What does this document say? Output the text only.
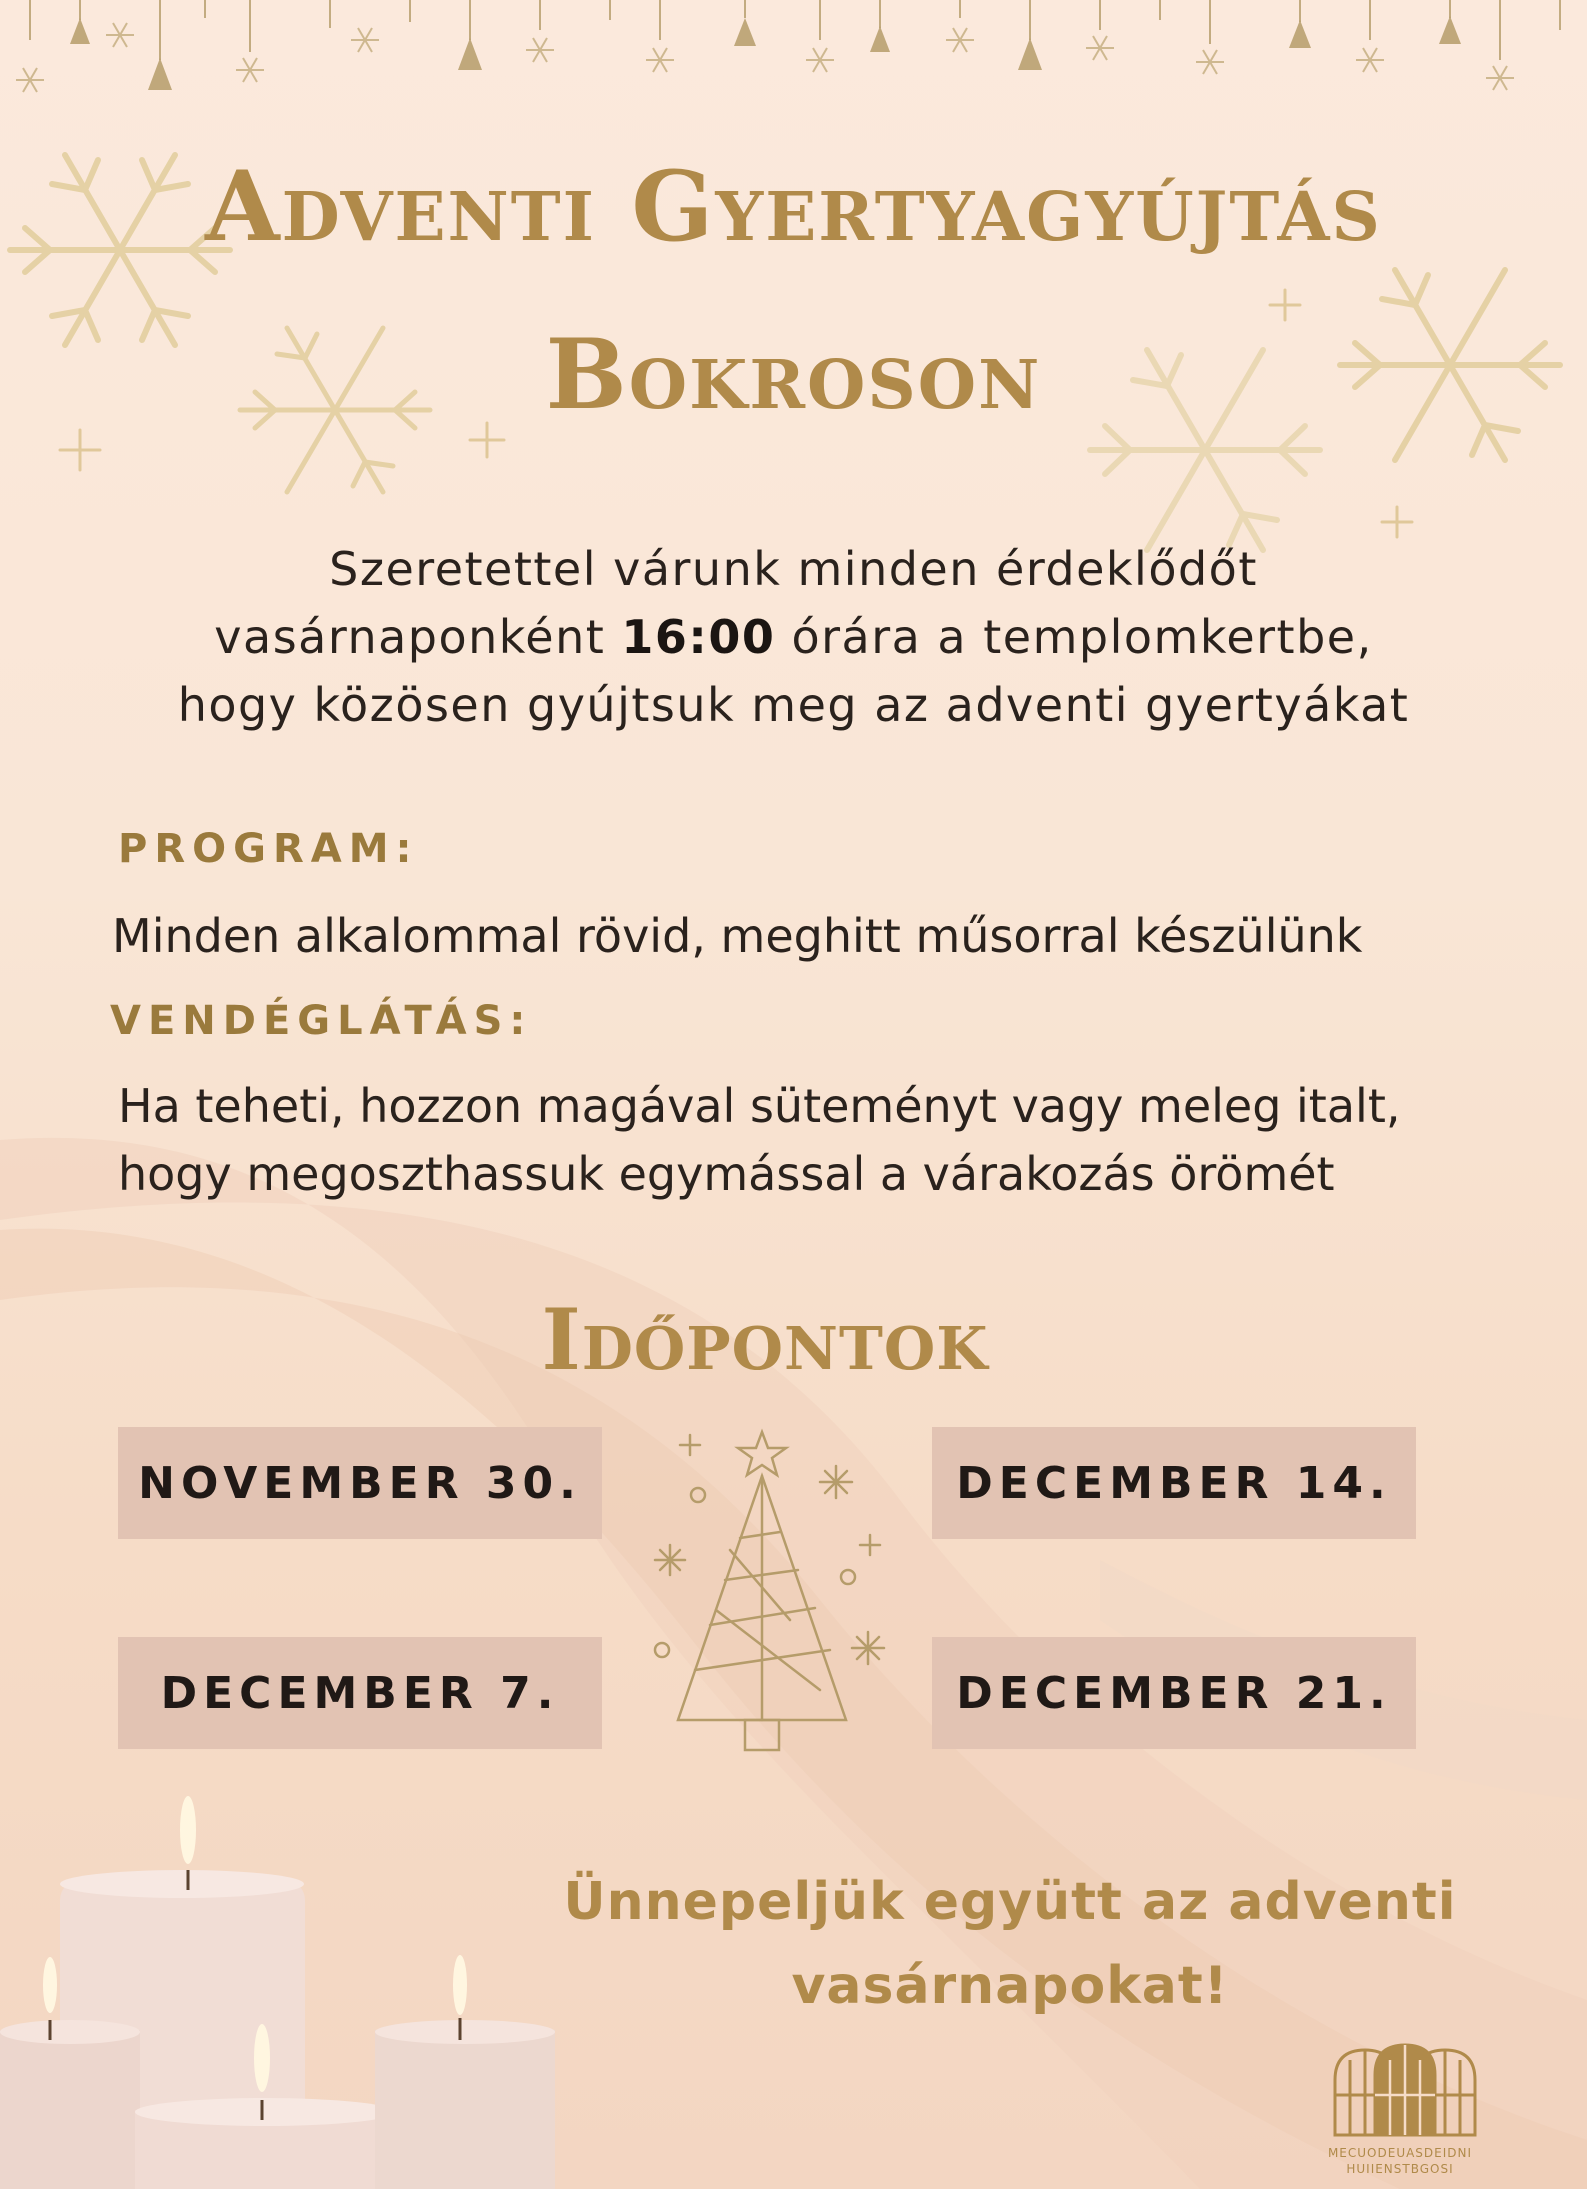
Adventi Gyertyagyújtás
Bokroson
Szeretettel várunk minden érdeklődőt
vasárnaponként 16:00 órára a templomkertbe,
hogy közösen gyújtsuk meg az adventi gyertyákat
PROGRAM:
Minden alkalommal rövid, meghitt műsorral készülünk
VENDÉGLÁTÁS:
Ha teheti, hozzon magával süteményt vagy meleg italt,
hogy megoszthassuk egymással a várakozás örömét
Időpontok
NOVEMBER 30.	DECEMBER 14.
DECEMBER 7.	DECEMBER 21.
Ünnepeljük együtt az adventi
vasárnapokat!
MECUODEUASDEIDNI HUIIENSTBGOSI
